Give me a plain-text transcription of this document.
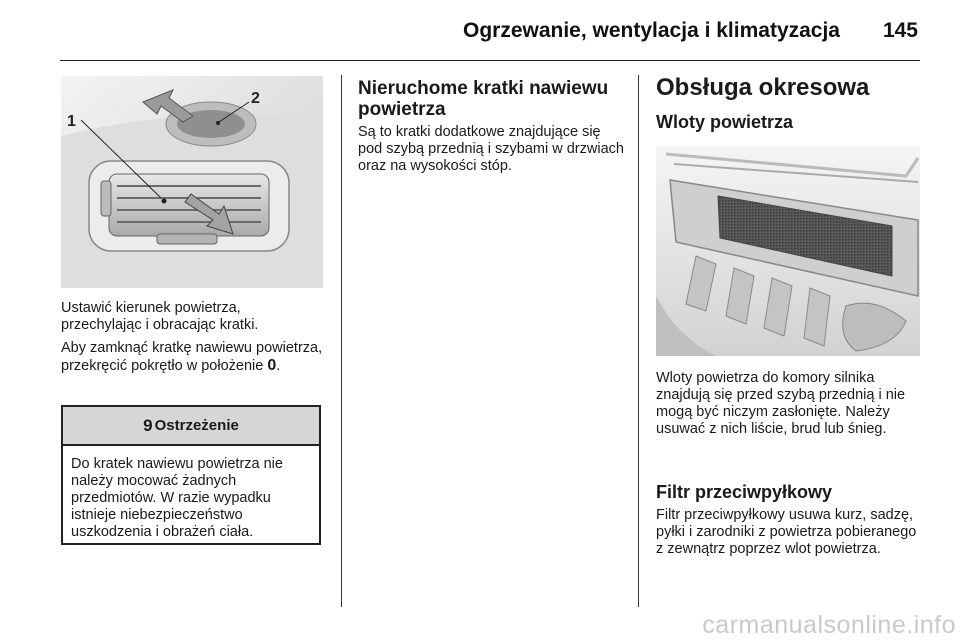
Ogrzewanie, wentylacja i klimatyzacja	145
1
2

Ustawić kierunek powietrza, przechylając i obracając kratki.

Aby zamknąć kratkę nawiewu powietrza, przekręcić pokrętło w położenie 0.

9 Ostrzeżenie
Do kratek nawiewu powietrza nie należy mocować żadnych przedmiotów. W razie wypadku istnieje niebezpieczeństwo uszkodzenia i obrażeń ciała.
Nieruchome kratki nawiewu powietrza

Są to kratki dodatkowe znajdujące się pod szybą przednią i szybami w drzwiach oraz na wysokości stóp.

Obsługa okresowa
Wloty powietrza
Wloty powietrza do komory silnika znajdują się przed szybą przednią i nie mogą być niczym zasłonięte. Należy usuwać z nich liście, brud lub śnieg.
Filtr przeciwpyłkowy
Filtr przeciwpyłkowy usuwa kurz, sadzę, pyłki i zarodniki z powietrza pobieranego z zewnątrz poprzez wlot powietrza.
carmanualsonline.info
